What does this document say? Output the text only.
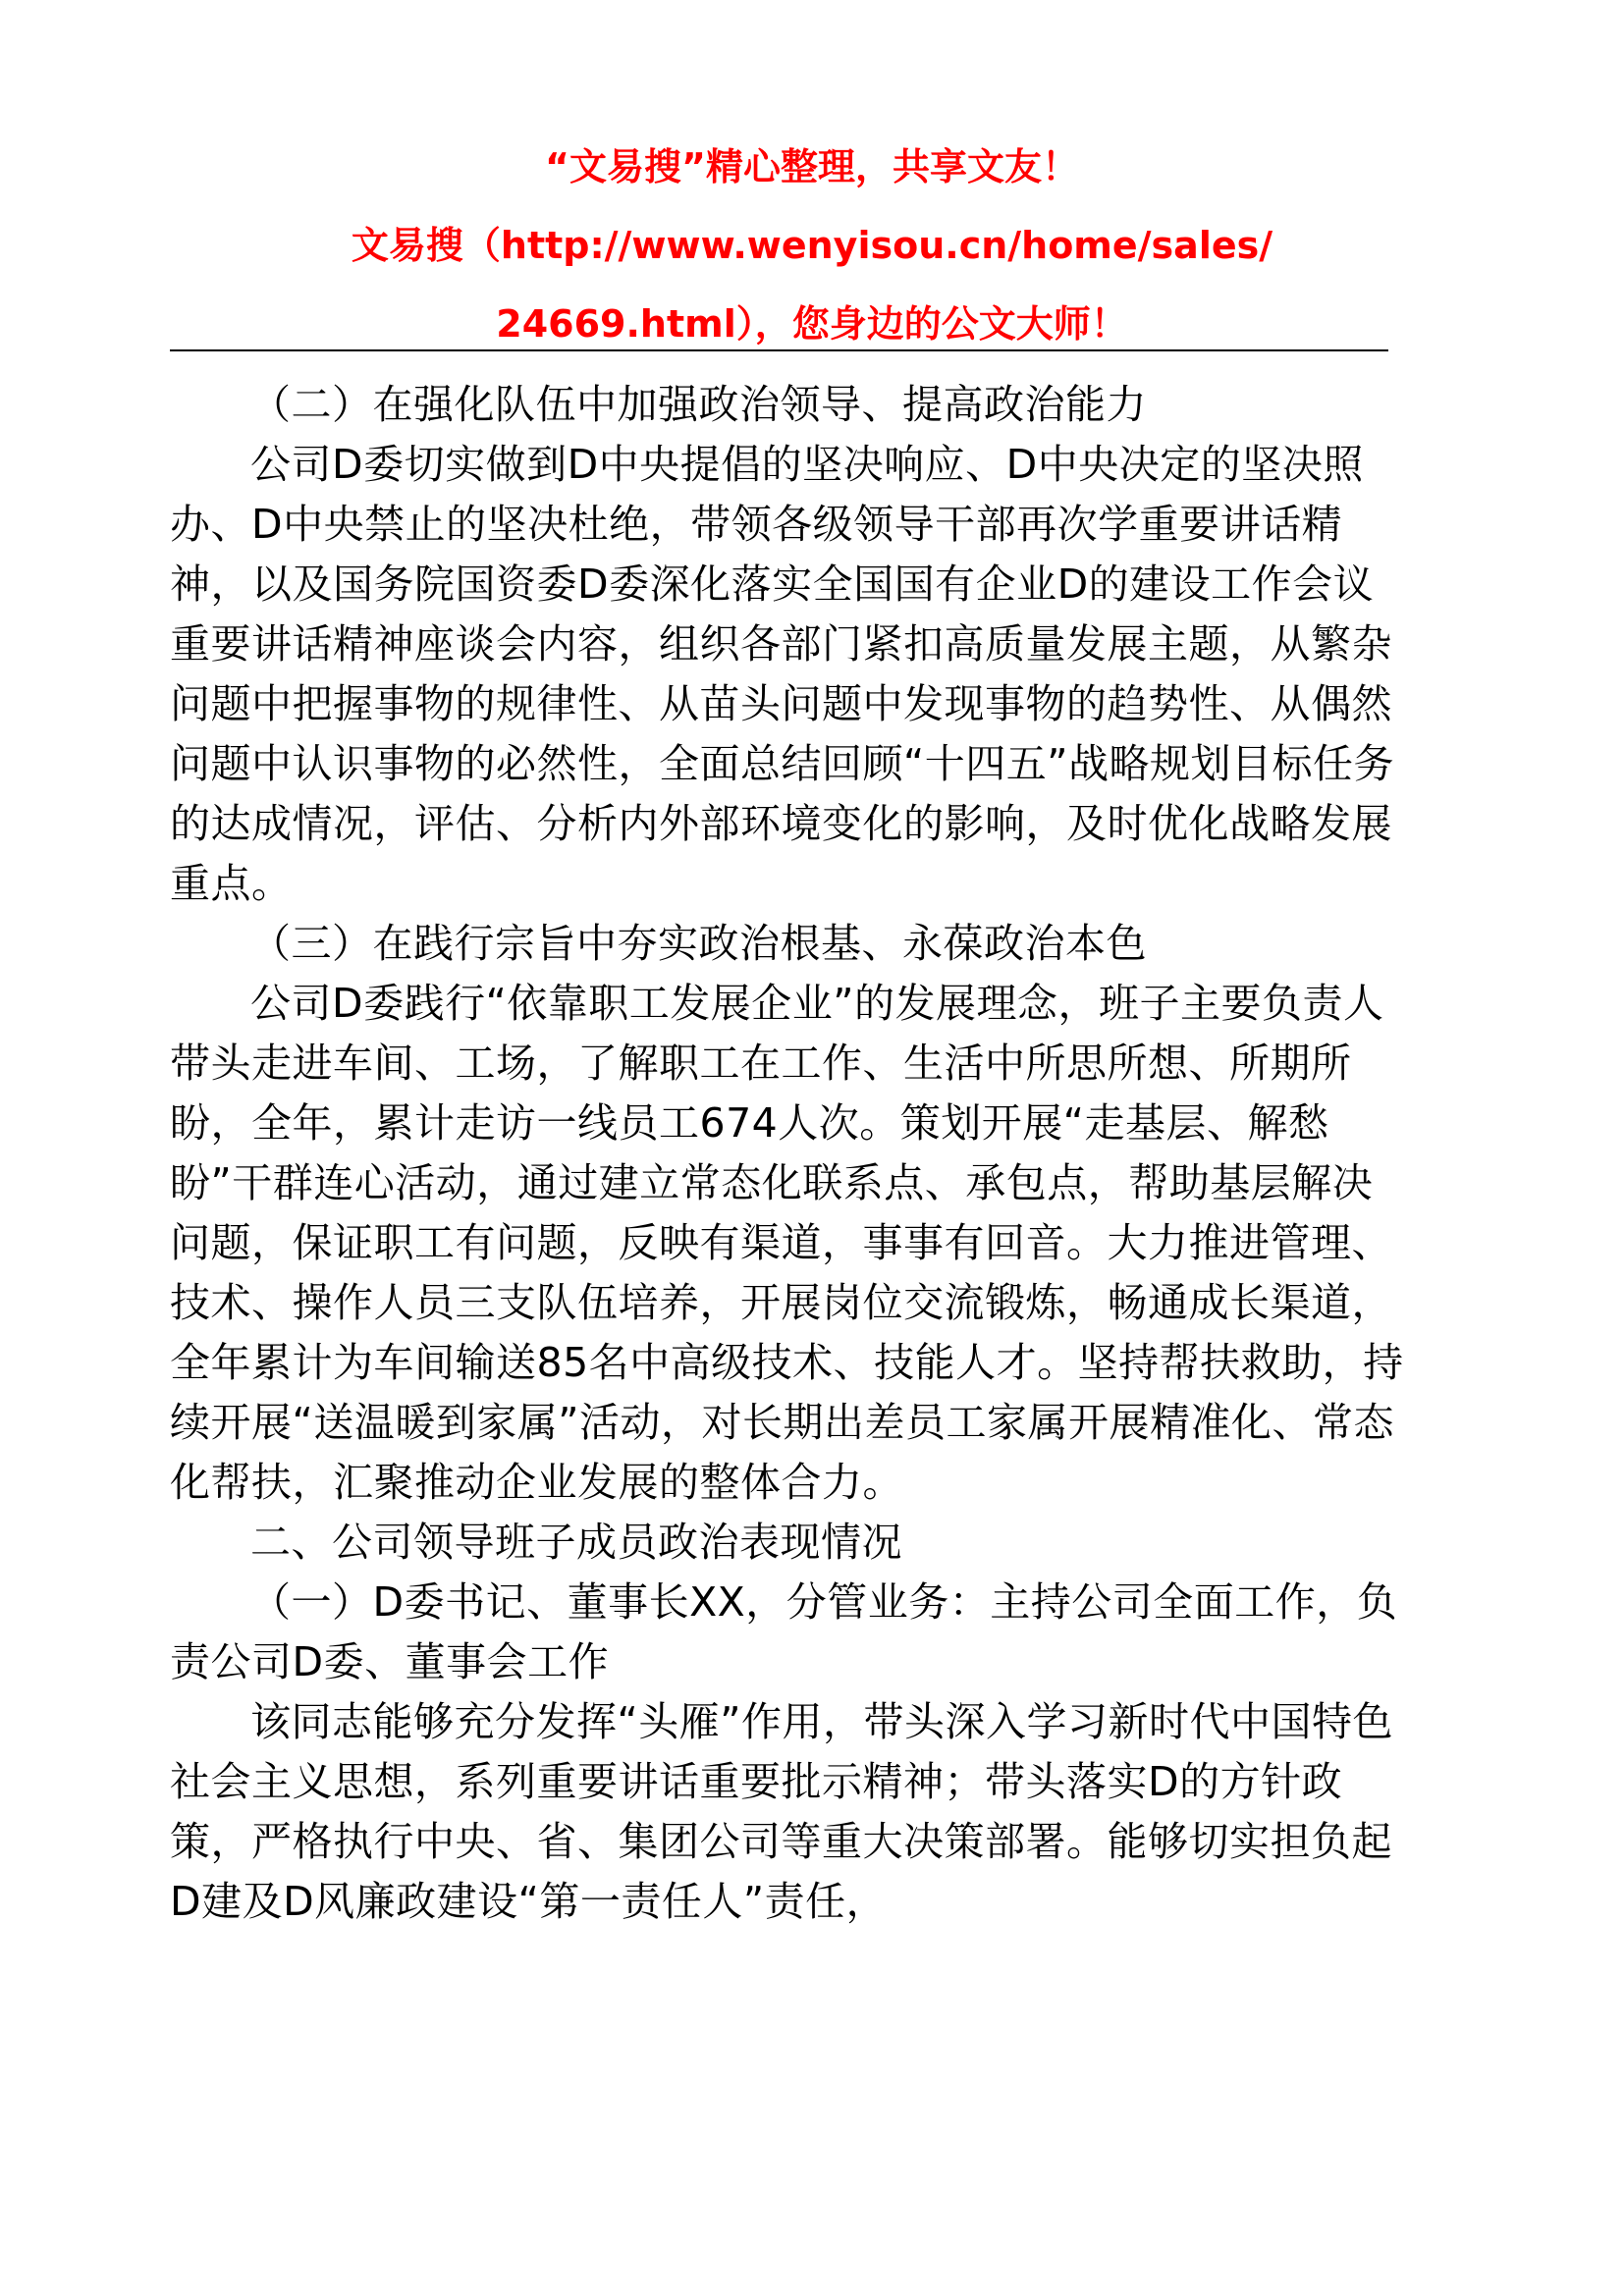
“文易搜”精心整理，共享文友！
文易搜（http://www.wenyisou.cn/home/sales/
24669.html），您身边的公文大师！

（二）在强化队伍中加强政治领导、提高政治能力

公司D委切实做到D中央提倡的坚决响应、D中央决定的坚决照办、D中央禁止的坚决杜绝，带领各级领导干部再次学重要讲话精神，以及国务院国资委D委深化落实全国国有企业D的建设工作会议重要讲话精神座谈会内容，组织各部门紧扣高质量发展主题，从繁杂问题中把握事物的规律性、从苗头问题中发现事物的趋势性、从偶然问题中认识事物的必然性，全面总结回顾“十四五”战略规划目标任务的达成情况，评估、分析内外部环境变化的影响，及时优化战略发展重点。

（三）在践行宗旨中夯实政治根基、永葆政治本色

公司D委践行“依靠职工发展企业”的发展理念，班子主要负责人带头走进车间、工场，了解职工在工作、生活中所思所想、所期所盼，全年，累计走访一线员工674人次。策划开展“走基层、解愁盼”干群连心活动，通过建立常态化联系点、承包点，帮助基层解决问题，保证职工有问题，反映有渠道，事事有回音。大力推进管理、技术、操作人员三支队伍培养，开展岗位交流锻炼，畅通成长渠道，全年累计为车间输送85名中高级技术、技能人才。坚持帮扶救助，持续开展“送温暖到家属”活动，对长期出差员工家属开展精准化、常态化帮扶，汇聚推动企业发展的整体合力。

二、公司领导班子成员政治表现情况

（一）D委书记、董事长XX，分管业务：主持公司全面工作，负责公司D委、董事会工作

该同志能够充分发挥“头雁”作用，带头深入学习新时代中国特色社会主义思想，系列重要讲话重要批示精神；带头落实D的方针政策，严格执行中央、省、集团公司等重大决策部署。能够切实担负起D建及D风廉政建设“第一责任人”责任，
